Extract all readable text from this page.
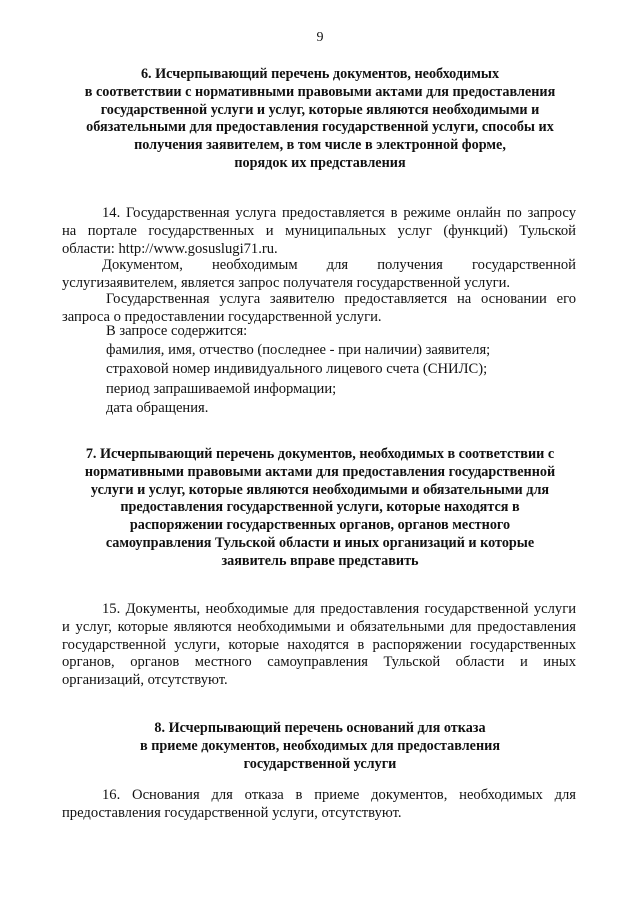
9
6. Исчерпывающий перечень документов, необходимых
в соответствии с нормативными правовыми актами для предоставления
государственной услуги и услуг, которые являются необходимыми и
обязательными для предоставления государственной услуги, способы их
получения заявителем, в том числе в электронной форме,
порядок их представления
14. Государственная услуга предоставляется в режиме онлайн по запросу
на портале государственных и муниципальных услуг (функций) Тульской
области: http://www.gosuslugi71.ru.
Документом, необходимым для получения государственной
услугизаявителем, является запрос получателя государственной услуги.
Государственная услуга заявителю предоставляется на основании его
запроса о предоставлении государственной услуги.
В запросе содержится:
фамилия, имя, отчество (последнее - при наличии) заявителя;
страховой номер индивидуального лицевого счета (СНИЛС);
период запрашиваемой информации;
дата обращения.
7. Исчерпывающий перечень документов, необходимых в соответствии с
нормативными правовыми актами для предоставления государственной
услуги и услуг, которые являются необходимыми и обязательными для
предоставления государственной услуги, которые находятся в
распоряжении государственных органов, органов местного
самоуправления Тульской области и иных организаций и которые
заявитель вправе представить
15. Документы, необходимые для предоставления государственной услуги
и услуг, которые являются необходимыми и обязательными для предоставления
государственной услуги, которые находятся в распоряжении государственных
органов, органов местного самоуправления Тульской области и иных
организаций, отсутствуют.
8. Исчерпывающий перечень оснований для отказа
в приеме документов, необходимых для предоставления
государственной услуги
16. Основания для отказа в приеме документов, необходимых для
предоставления государственной услуги, отсутствуют.
